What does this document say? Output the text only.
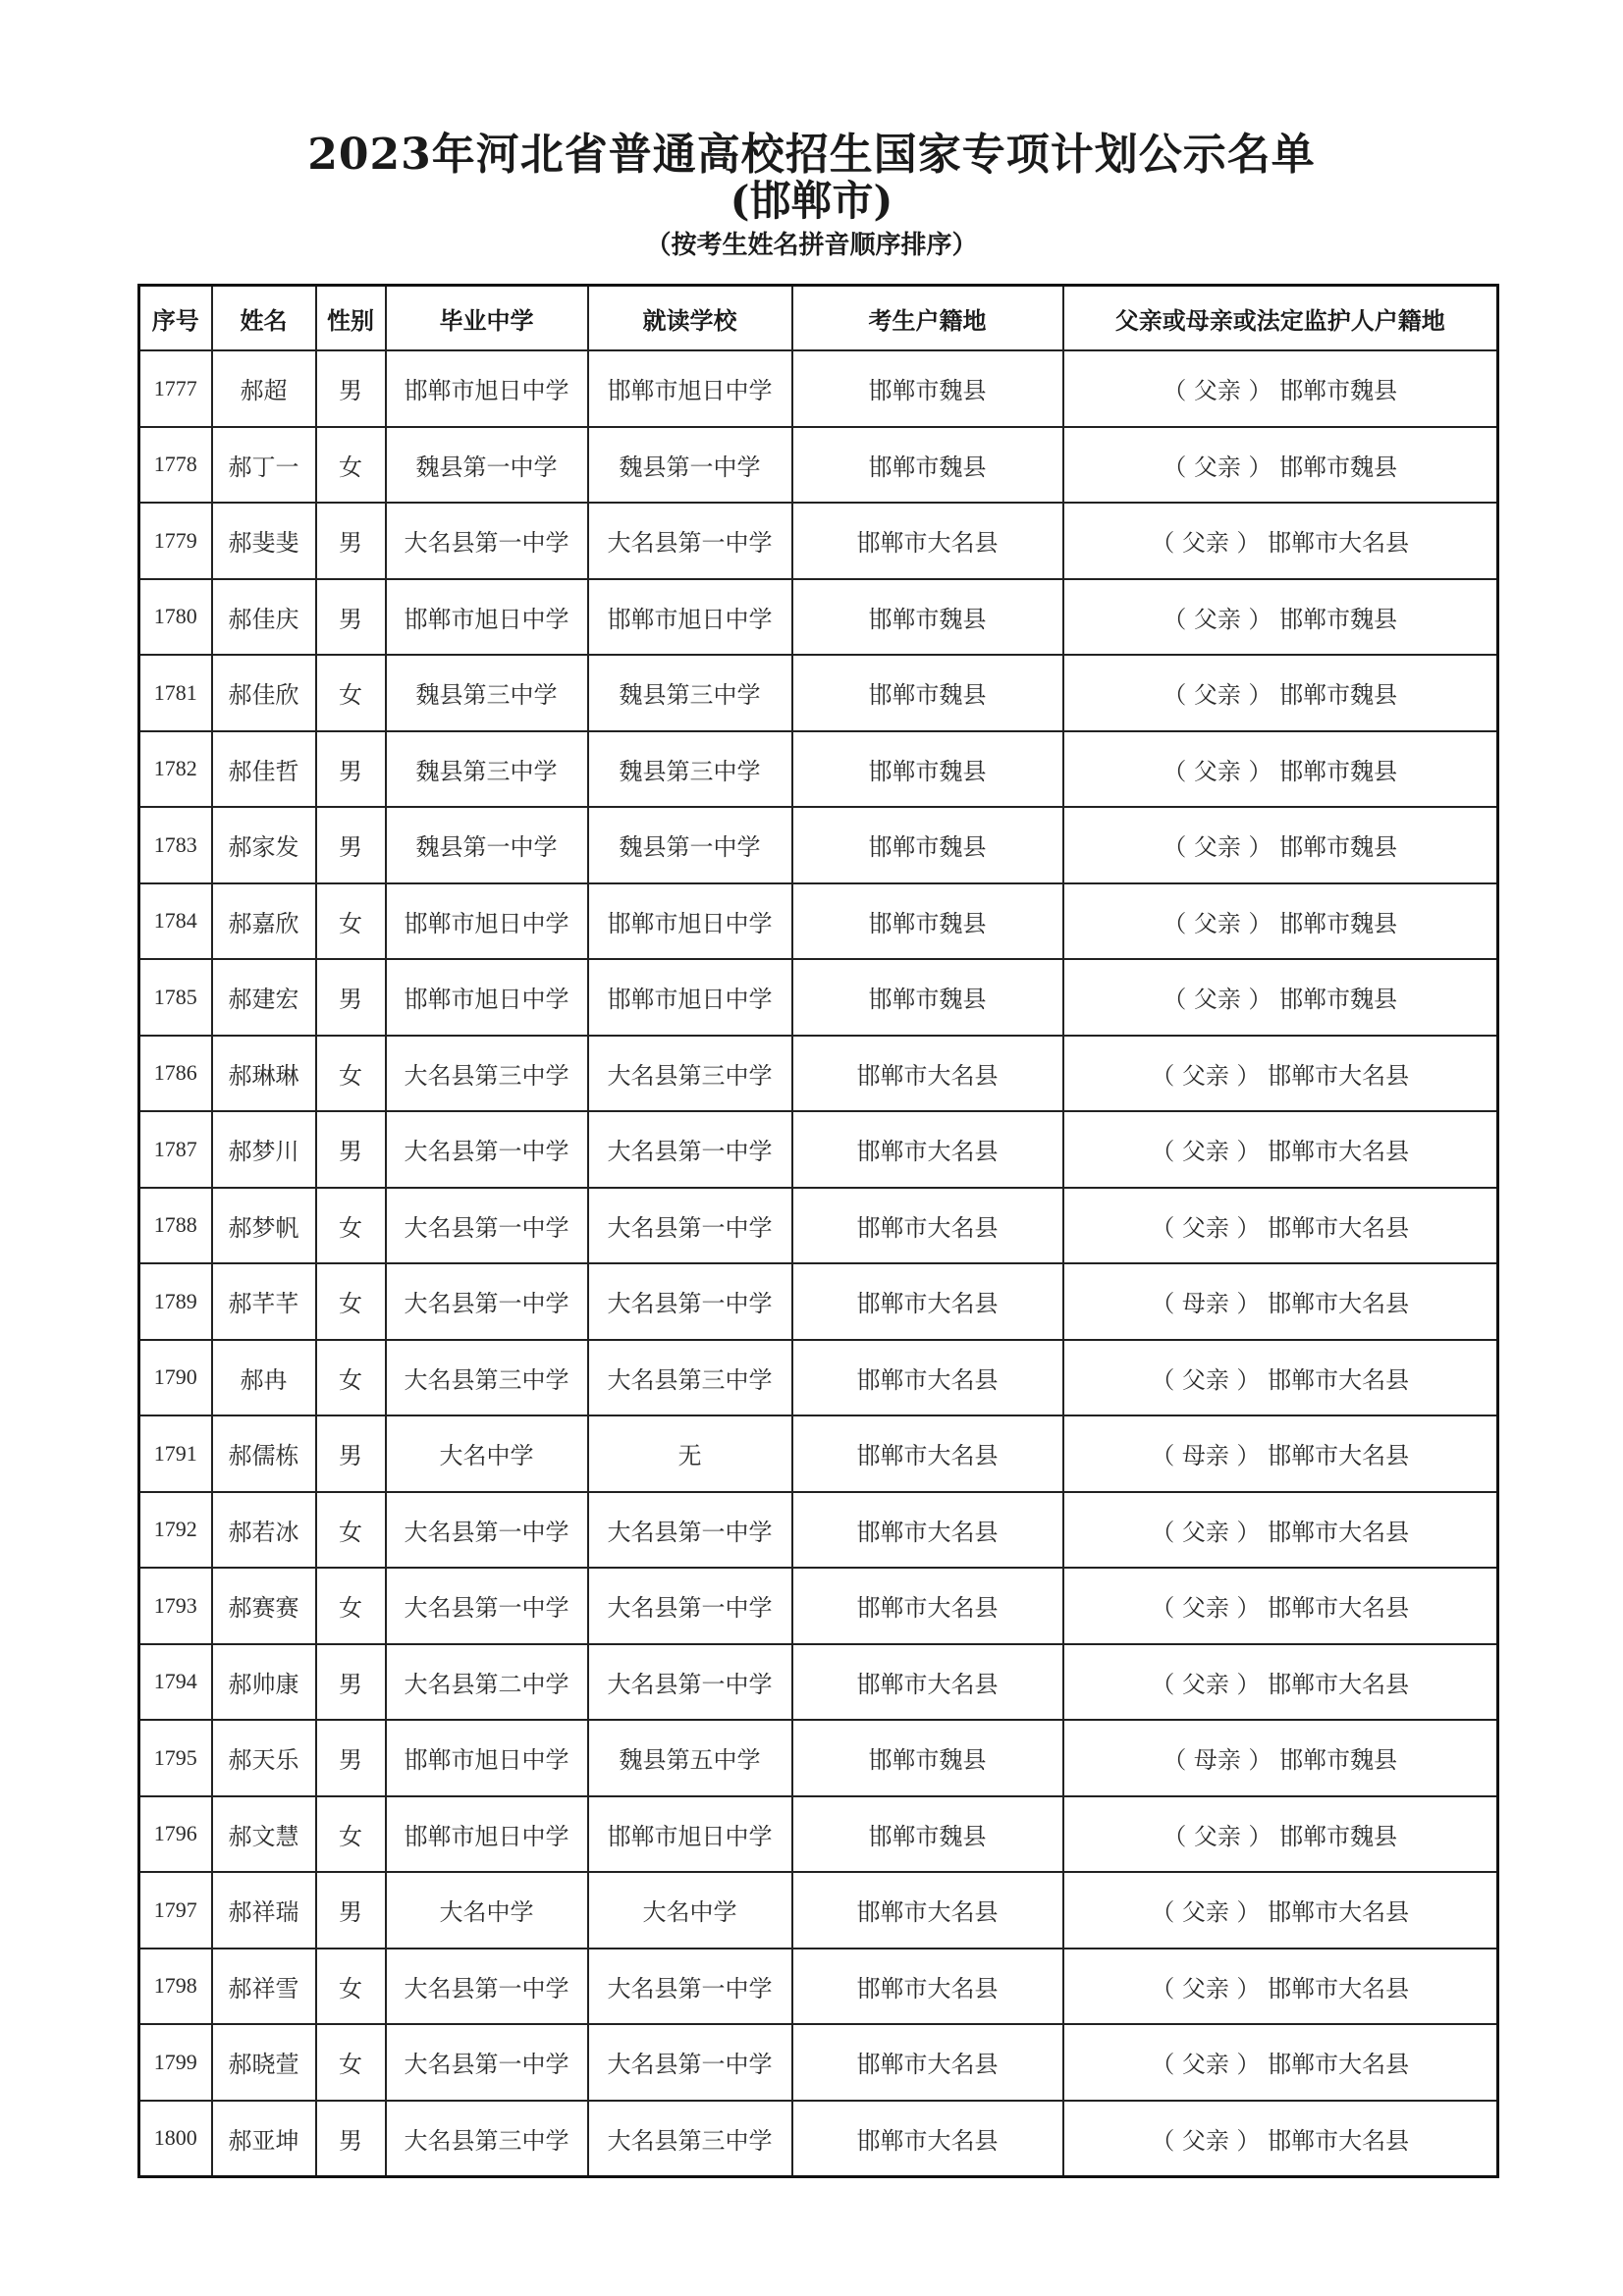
2023年河北省普通高校招生国家专项计划公示名单
(邯郸市)
（按考生姓名拼音顺序排序）
序号	姓名	性别	毕业中学	就读学校	考生户籍地	父亲或母亲或法定监护人户籍地
1777	郝超	男	邯郸市旭日中学	邯郸市旭日中学	邯郸市魏县	（ 父亲 ） 邯郸市魏县
1778	郝丁一	女	魏县第一中学	魏县第一中学	邯郸市魏县	（ 父亲 ） 邯郸市魏县
1779	郝斐斐	男	大名县第一中学	大名县第一中学	邯郸市大名县	（ 父亲 ） 邯郸市大名县
1780	郝佳庆	男	邯郸市旭日中学	邯郸市旭日中学	邯郸市魏县	（ 父亲 ） 邯郸市魏县
1781	郝佳欣	女	魏县第三中学	魏县第三中学	邯郸市魏县	（ 父亲 ） 邯郸市魏县
1782	郝佳哲	男	魏县第三中学	魏县第三中学	邯郸市魏县	（ 父亲 ） 邯郸市魏县
1783	郝家发	男	魏县第一中学	魏县第一中学	邯郸市魏县	（ 父亲 ） 邯郸市魏县
1784	郝嘉欣	女	邯郸市旭日中学	邯郸市旭日中学	邯郸市魏县	（ 父亲 ） 邯郸市魏县
1785	郝建宏	男	邯郸市旭日中学	邯郸市旭日中学	邯郸市魏县	（ 父亲 ） 邯郸市魏县
1786	郝琳琳	女	大名县第三中学	大名县第三中学	邯郸市大名县	（ 父亲 ） 邯郸市大名县
1787	郝梦川	男	大名县第一中学	大名县第一中学	邯郸市大名县	（ 父亲 ） 邯郸市大名县
1788	郝梦帆	女	大名县第一中学	大名县第一中学	邯郸市大名县	（ 父亲 ） 邯郸市大名县
1789	郝芊芊	女	大名县第一中学	大名县第一中学	邯郸市大名县	（ 母亲 ） 邯郸市大名县
1790	郝冉	女	大名县第三中学	大名县第三中学	邯郸市大名县	（ 父亲 ） 邯郸市大名县
1791	郝儒栋	男	大名中学	无	邯郸市大名县	（ 母亲 ） 邯郸市大名县
1792	郝若冰	女	大名县第一中学	大名县第一中学	邯郸市大名县	（ 父亲 ） 邯郸市大名县
1793	郝赛赛	女	大名县第一中学	大名县第一中学	邯郸市大名县	（ 父亲 ） 邯郸市大名县
1794	郝帅康	男	大名县第二中学	大名县第一中学	邯郸市大名县	（ 父亲 ） 邯郸市大名县
1795	郝天乐	男	邯郸市旭日中学	魏县第五中学	邯郸市魏县	（ 母亲 ） 邯郸市魏县
1796	郝文慧	女	邯郸市旭日中学	邯郸市旭日中学	邯郸市魏县	（ 父亲 ） 邯郸市魏县
1797	郝祥瑞	男	大名中学	大名中学	邯郸市大名县	（ 父亲 ） 邯郸市大名县
1798	郝祥雪	女	大名县第一中学	大名县第一中学	邯郸市大名县	（ 父亲 ） 邯郸市大名县
1799	郝晓萱	女	大名县第一中学	大名县第一中学	邯郸市大名县	（ 父亲 ） 邯郸市大名县
1800	郝亚坤	男	大名县第三中学	大名县第三中学	邯郸市大名县	（ 父亲 ） 邯郸市大名县
